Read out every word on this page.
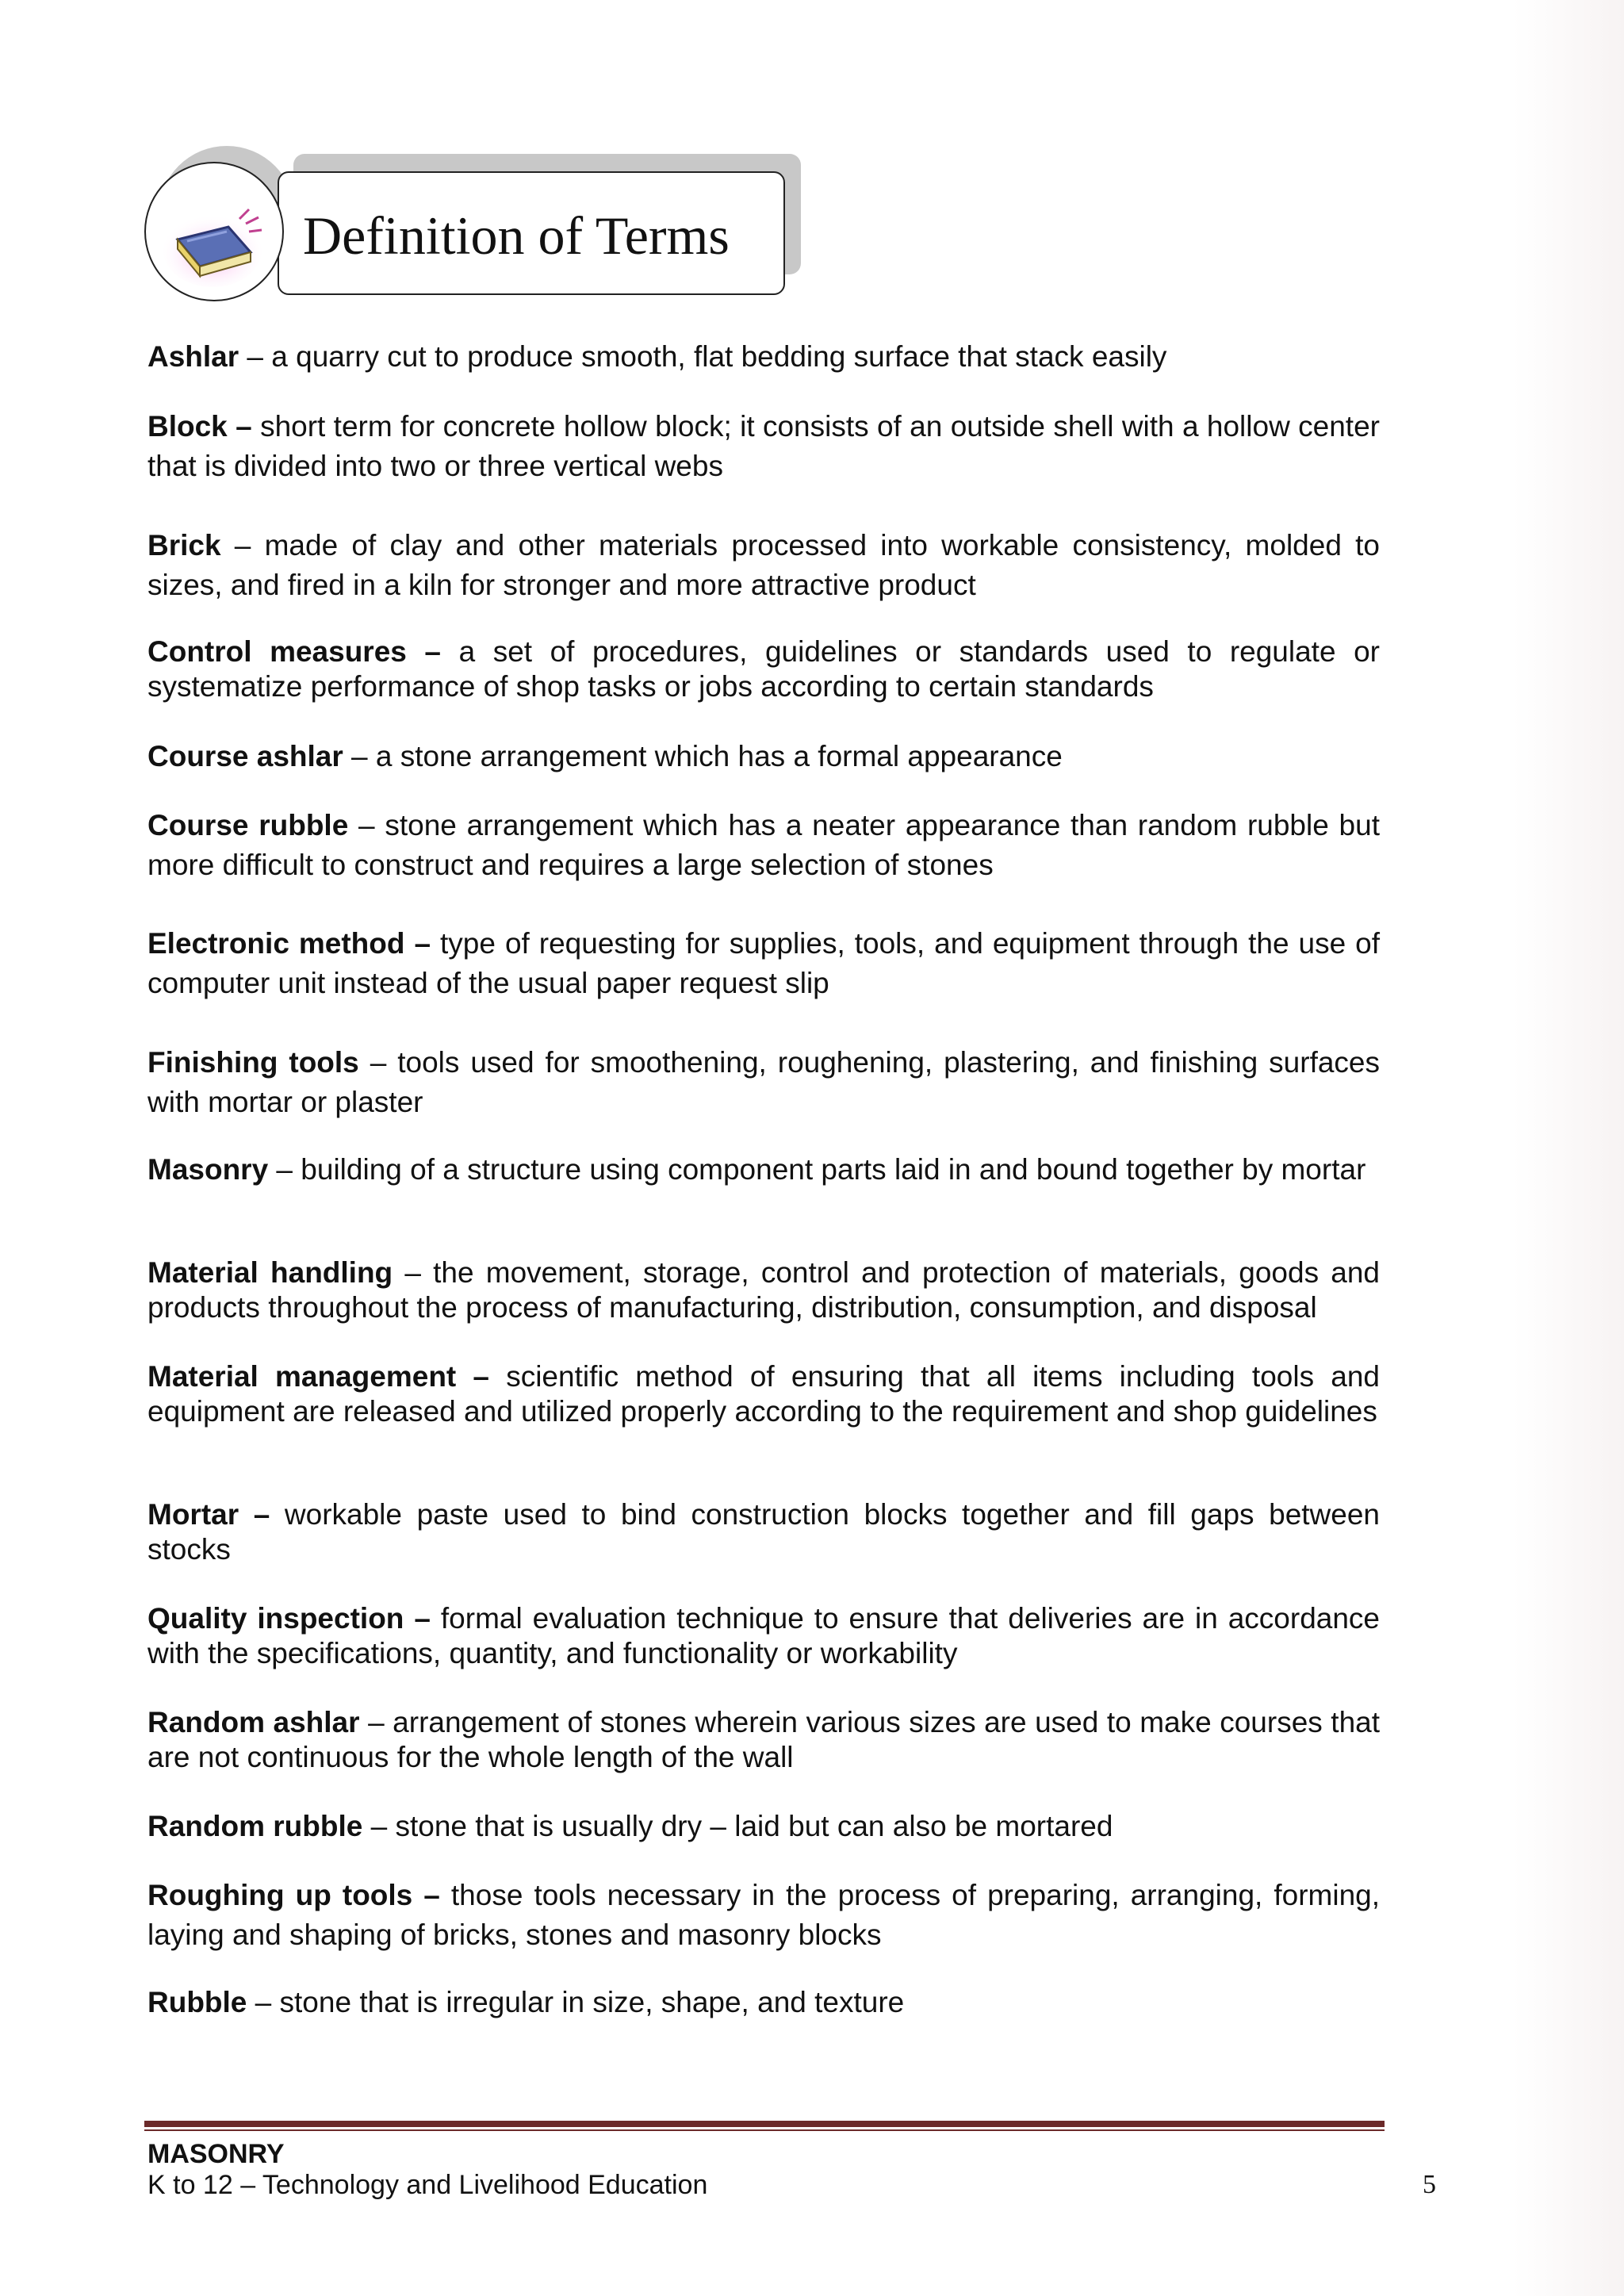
Definition of Terms
Ashlar – a quarry cut to produce smooth, flat bedding surface that stack easily
Block – short term for concrete hollow block; it consists of an outside shell with a hollow center that is divided into two or three vertical webs
Brick – made of clay and other materials processed into workable consistency, molded to sizes, and fired in a kiln for stronger and more attractive product
Control measures – a set of procedures, guidelines or standards used to regulate or systematize performance of shop tasks or jobs according to certain standards
Course ashlar – a stone arrangement which has a formal appearance
Course rubble – stone arrangement which has a neater appearance than random rubble but more difficult to construct and requires a large selection of stones
Electronic method – type of requesting for supplies, tools, and equipment through the use of computer unit instead of the usual paper request slip
Finishing tools – tools used for smoothening, roughening, plastering, and finishing surfaces with mortar or plaster
Masonry – building of a structure using component parts laid in and bound together by mortar
Material handling – the movement, storage, control and protection of materials, goods and products throughout the process of manufacturing, distribution, consumption, and disposal
Material management – scientific method of ensuring that all items including tools and equipment are released and utilized properly according to the requirement and shop guidelines
Mortar – workable paste used to bind construction blocks together and fill gaps between stocks
Quality inspection – formal evaluation technique to ensure that deliveries are in accordance with the specifications, quantity, and functionality or workability
Random ashlar – arrangement of stones wherein various sizes are used to make courses that are not continuous for the whole length of the wall
Random rubble – stone that is usually dry – laid but can also be mortared
Roughing up tools – those tools necessary in the process of preparing, arranging, forming, laying and shaping of bricks, stones and masonry blocks
Rubble – stone that is irregular in size, shape, and texture
MASONRY
K to 12 – Technology and Livelihood Education	5
